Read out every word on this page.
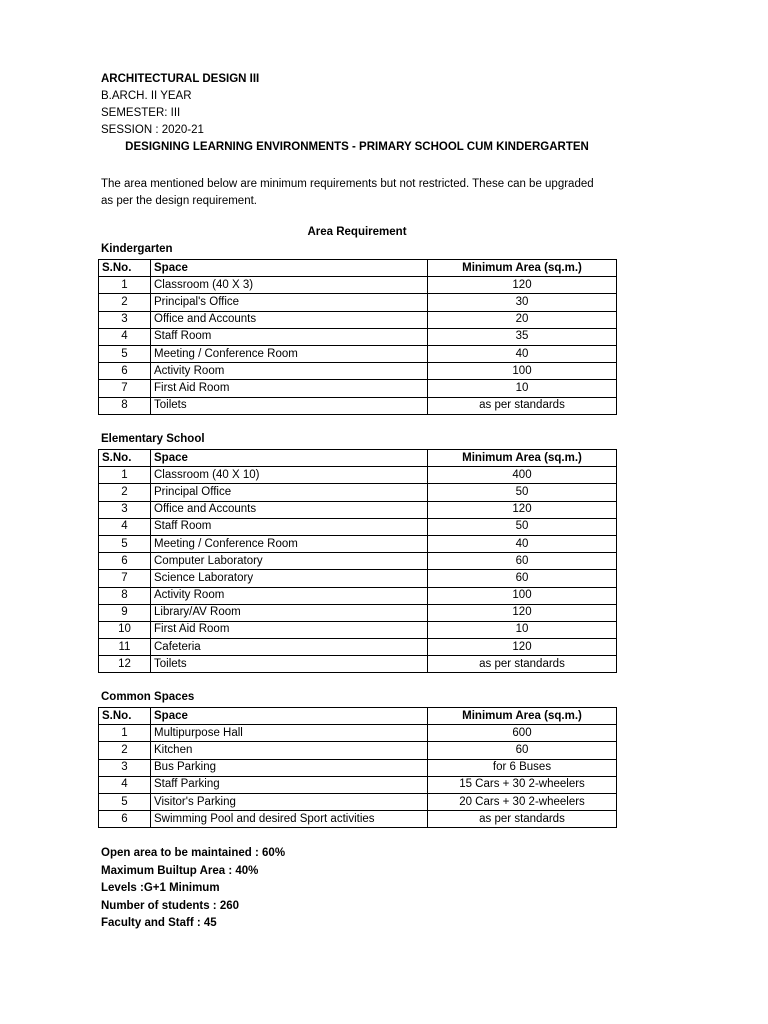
ARCHITECTURAL DESIGN III
B.ARCH. II YEAR
SEMESTER: III
SESSION : 2020-21
DESIGNING LEARNING ENVIRONMENTS - PRIMARY SCHOOL CUM KINDERGARTEN
The area mentioned below are minimum requirements but not restricted. These can be upgraded as per the design requirement.
Area Requirement
Kindergarten
S.No.	Space	Minimum Area (sq.m.)
1	Classroom (40 X 3)	120
2	Principal's Office	30
3	Office and Accounts	20
4	Staff Room	35
5	Meeting / Conference Room	40
6	Activity Room	100
7	First Aid Room	10
8	Toilets	as per standards
Elementary School
S.No.	Space	Minimum Area (sq.m.)
1	Classroom (40 X 10)	400
2	Principal Office	50
3	Office and Accounts	120
4	Staff Room	50
5	Meeting / Conference Room	40
6	Computer Laboratory	60
7	Science Laboratory	60
8	Activity Room	100
9	Library/AV Room	120
10	First Aid Room	10
11	Cafeteria	120
12	Toilets	as per standards
Common Spaces
S.No.	Space	Minimum Area (sq.m.)
1	Multipurpose Hall	600
2	Kitchen	60
3	Bus Parking	for 6 Buses
4	Staff Parking	15 Cars + 30 2-wheelers
5	Visitor's Parking	20 Cars + 30 2-wheelers
6	Swimming Pool and desired Sport activities	as per standards
Open area to be maintained : 60%
Maximum Builtup Area : 40%
Levels :G+1 Minimum
Number of students : 260
Faculty and Staff : 45
